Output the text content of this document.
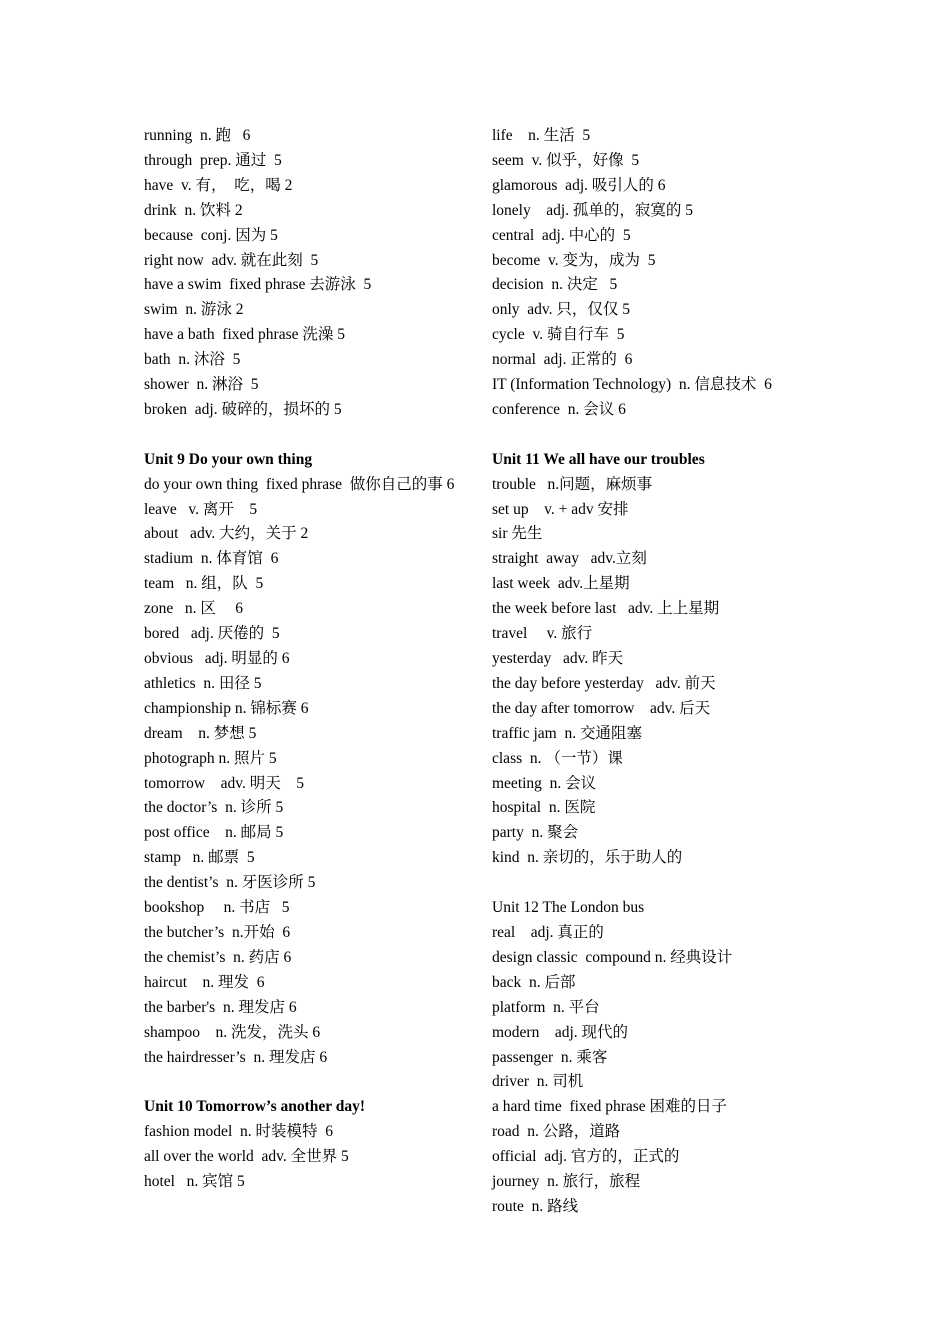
running  n. 跑   6
through  prep. 通过  5
have  v. 有，  吃，喝 2
drink  n. 饮料 2
because  conj. 因为 5
right now  adv. 就在此刻  5
have a swim  fixed phrase 去游泳  5
swim  n. 游泳 2
have a bath  fixed phrase 洗澡 5
bath  n. 沐浴  5
shower  n. 淋浴  5
broken  adj. 破碎的，损坏的 5
Unit 9 Do your own thing
do your own thing  fixed phrase  做你自己的事 6
leave   v. 离开    5
about   adv. 大约，关于 2
stadium  n. 体育馆  6
team   n. 组，队  5
zone   n. 区     6
bored   adj. 厌倦的  5
obvious   adj. 明显的 6
athletics  n. 田径 5
championship n. 锦标赛 6
dream    n. 梦想 5
photograph n. 照片 5
tomorrow    adv. 明天    5
the doctor’s  n. 诊所 5
post office    n. 邮局 5
stamp   n. 邮票  5
the dentist’s  n. 牙医诊所 5
bookshop     n. 书店   5
the butcher’s  n.开始  6
the chemist’s  n. 药店 6
haircut    n. 理发  6
the barber's  n. 理发店 6
shampoo    n. 洗发，洗头 6
the hairdresser’s  n. 理发店 6
Unit 10 Tomorrow’s another day!
fashion model  n. 时装模特  6
all over the world  adv. 全世界 5
hotel   n. 宾馆 5
life    n. 生活  5
seem  v. 似乎，好像  5
glamorous  adj. 吸引人的 6
lonely    adj. 孤单的，寂寞的 5
central  adj. 中心的  5
become  v. 变为，成为  5
decision  n. 决定   5
only  adv. 只，仅仅 5
cycle  v. 骑自行车  5
normal  adj. 正常的  6
IT (Information Technology)  n. 信息技术  6
conference  n. 会议 6
Unit 11 We all have our troubles
trouble   n.问题，麻烦事
set up    v. + adv 安排
sir 先生
straight  away   adv.立刻
last week  adv.上星期
the week before last   adv. 上上星期
travel     v. 旅行
yesterday   adv. 昨天
the day before yesterday   adv. 前天
the day after tomorrow    adv. 后天
traffic jam  n. 交通阻塞
class  n. （一节）课
meeting  n. 会议
hospital  n. 医院
party  n. 聚会
kind  n. 亲切的，乐于助人的
Unit 12 The London bus
real    adj. 真正的
design classic  compound n. 经典设计
back  n. 后部
platform  n. 平台
modern    adj. 现代的
passenger  n. 乘客
driver  n. 司机
a hard time  fixed phrase 困难的日子
road  n. 公路，道路
official  adj. 官方的，正式的
journey  n. 旅行，旅程
route  n. 路线
